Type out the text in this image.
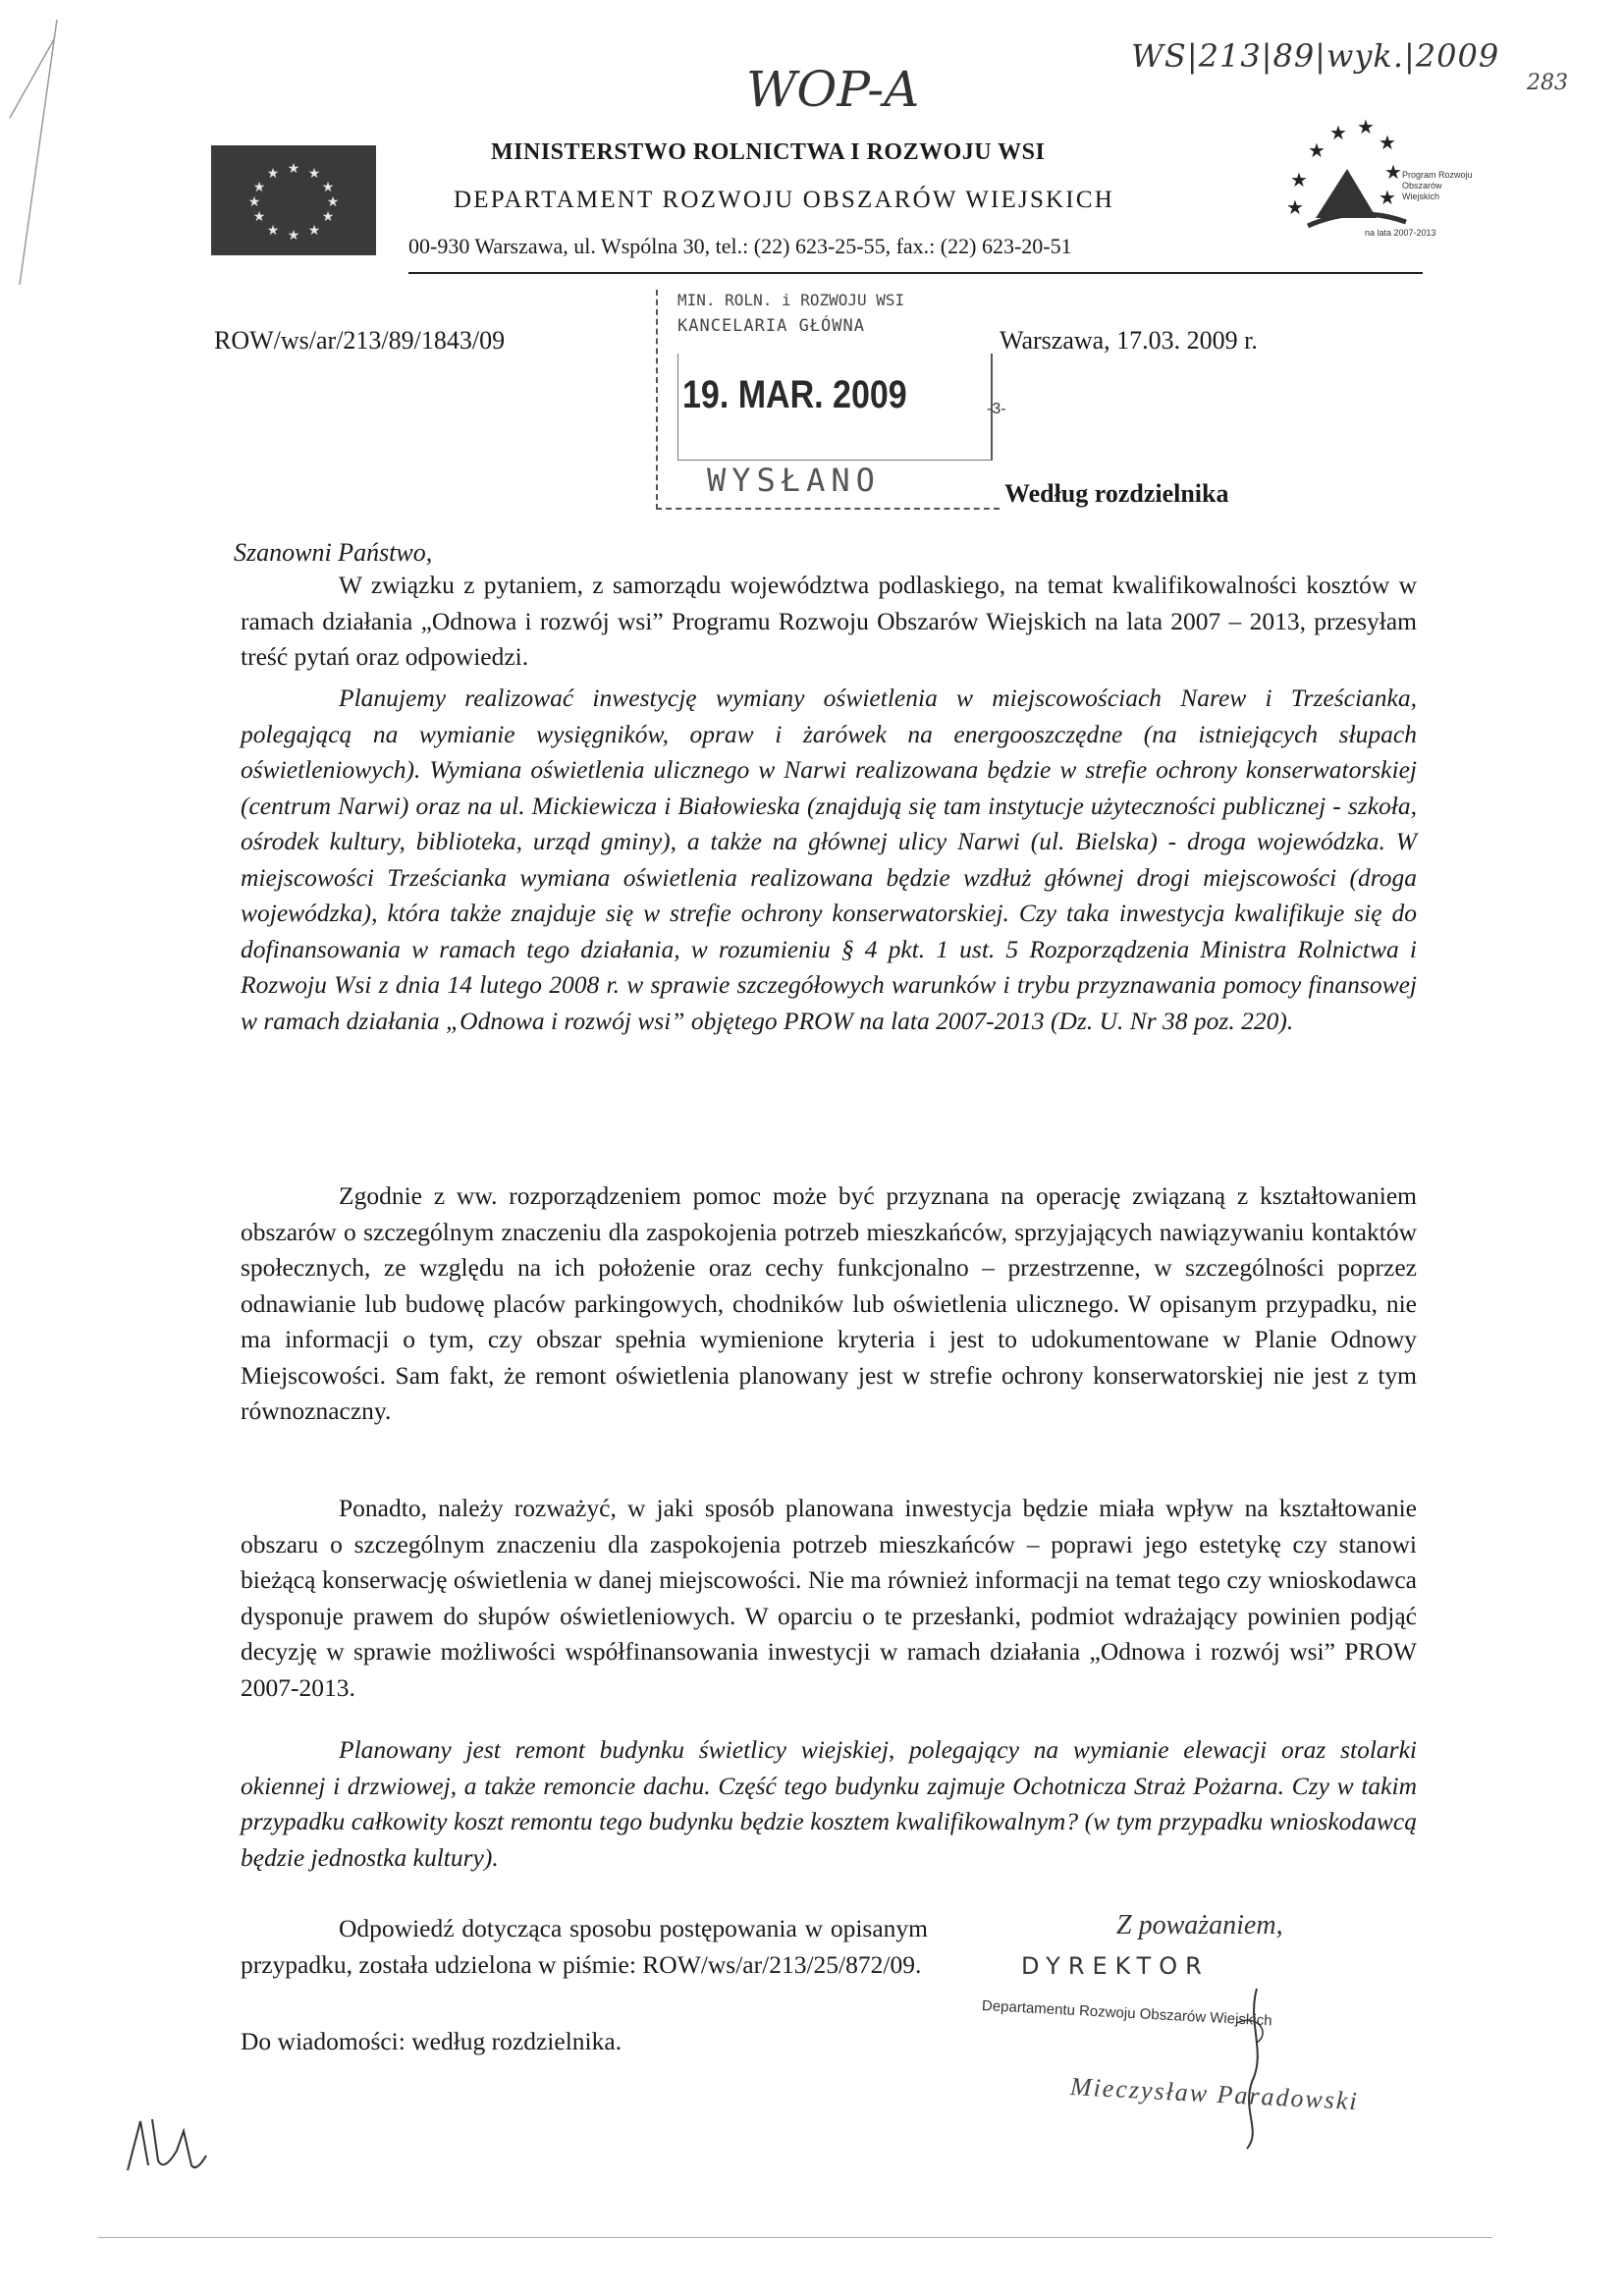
WOP-A
WS|213|89|wyk.|2009
283
★ ★
★
★
★
★
★
★
★
★
★
★
MINISTERSTWO ROLNICTWA I ROZWOJU WSI
DEPARTAMENT ROZWOJU OBSZARÓW WIEJSKICH
00-930 Warszawa, ul. Wspólna 30, tel.: (22) 623-25-55, fax.: (22) 623-20-51
★
★ ★
★
★
★
★
★
Program Rozwoju Obszarów Wiejskich
na lata 2007-2013
ROW/ws/ar/213/89/1843/09
MIN. ROLN. i ROZWOJU WSI
KANCELARIA GŁÓWNA
19. MAR. 2009	-3-
WYSŁANO
Warszawa, 17.03. 2009 r.
Według rozdzielnika
Szanowni Państwo,
W związku z pytaniem, z samorządu województwa podlaskiego, na temat kwalifikowalności kosztów w ramach działania „Odnowa i rozwój wsi” Programu Rozwoju Obszarów Wiejskich na lata 2007 – 2013, przesyłam treść pytań oraz odpowiedzi.
Planujemy realizować inwestycję wymiany oświetlenia w miejscowościach Narew i Trześcianka, polegającą na wymianie wysięgników, opraw i żarówek na energooszczędne (na istniejących słupach oświetleniowych). Wymiana oświetlenia ulicznego w Narwi realizowana będzie w strefie ochrony konserwatorskiej (centrum Narwi) oraz na ul. Mickiewicza i Białowieska (znajdują się tam instytucje użyteczności publicznej - szkoła, ośrodek kultury, biblioteka, urząd gminy), a także na głównej ulicy Narwi (ul. Bielska) - droga wojewódzka. W miejscowości Trześcianka wymiana oświetlenia realizowana będzie wzdłuż głównej drogi miejscowości (droga wojewódzka), która także znajduje się w strefie ochrony konserwatorskiej. Czy taka inwestycja kwalifikuje się do dofinansowania w ramach tego działania, w rozumieniu § 4 pkt. 1 ust. 5 Rozporządzenia Ministra Rolnictwa i Rozwoju Wsi z dnia 14 lutego 2008 r. w sprawie szczegółowych warunków i trybu przyznawania pomocy finansowej w ramach działania „Odnowa i rozwój wsi” objętego PROW na lata 2007-2013 (Dz. U. Nr 38 poz. 220).
Zgodnie z ww. rozporządzeniem pomoc może być przyznana na operację związaną z kształtowaniem obszarów o szczególnym znaczeniu dla zaspokojenia potrzeb mieszkańców, sprzyjających nawiązywaniu kontaktów społecznych, ze względu na ich położenie oraz cechy funkcjonalno – przestrzenne, w szczególności poprzez odnawianie lub budowę placów parkingowych, chodników lub oświetlenia ulicznego. W opisanym przypadku, nie ma informacji o tym, czy obszar spełnia wymienione kryteria i jest to udokumentowane w Planie Odnowy Miejscowości. Sam fakt, że remont oświetlenia planowany jest w strefie ochrony konserwatorskiej nie jest z tym równoznaczny.
Ponadto, należy rozważyć, w jaki sposób planowana inwestycja będzie miała wpływ na kształtowanie obszaru o szczególnym znaczeniu dla zaspokojenia potrzeb mieszkańców – poprawi jego estetykę czy stanowi bieżącą konserwację oświetlenia w danej miejscowości. Nie ma również informacji na temat tego czy wnioskodawca dysponuje prawem do słupów oświetleniowych. W oparciu o te przesłanki, podmiot wdrażający powinien podjąć decyzję w sprawie możliwości współfinansowania inwestycji w ramach działania „Odnowa i rozwój wsi” PROW 2007-2013.
Planowany jest remont budynku świetlicy wiejskiej, polegający na wymianie elewacji oraz stolarki okiennej i drzwiowej, a także remoncie dachu. Część tego budynku zajmuje Ochotnicza Straż Pożarna. Czy w takim przypadku całkowity koszt remontu tego budynku będzie kosztem kwalifikowalnym? (w tym przypadku wnioskodawcą będzie jednostka kultury).
Odpowiedź dotycząca sposobu postępowania w opisanym przypadku, została udzielona w piśmie: ROW/ws/ar/213/25/872/09.
Do wiadomości: według rozdzielnika.
Z poważaniem,
DYREKTOR
Departamentu Rozwoju Obszarów Wiejskich
Mieczysław Paradowski
